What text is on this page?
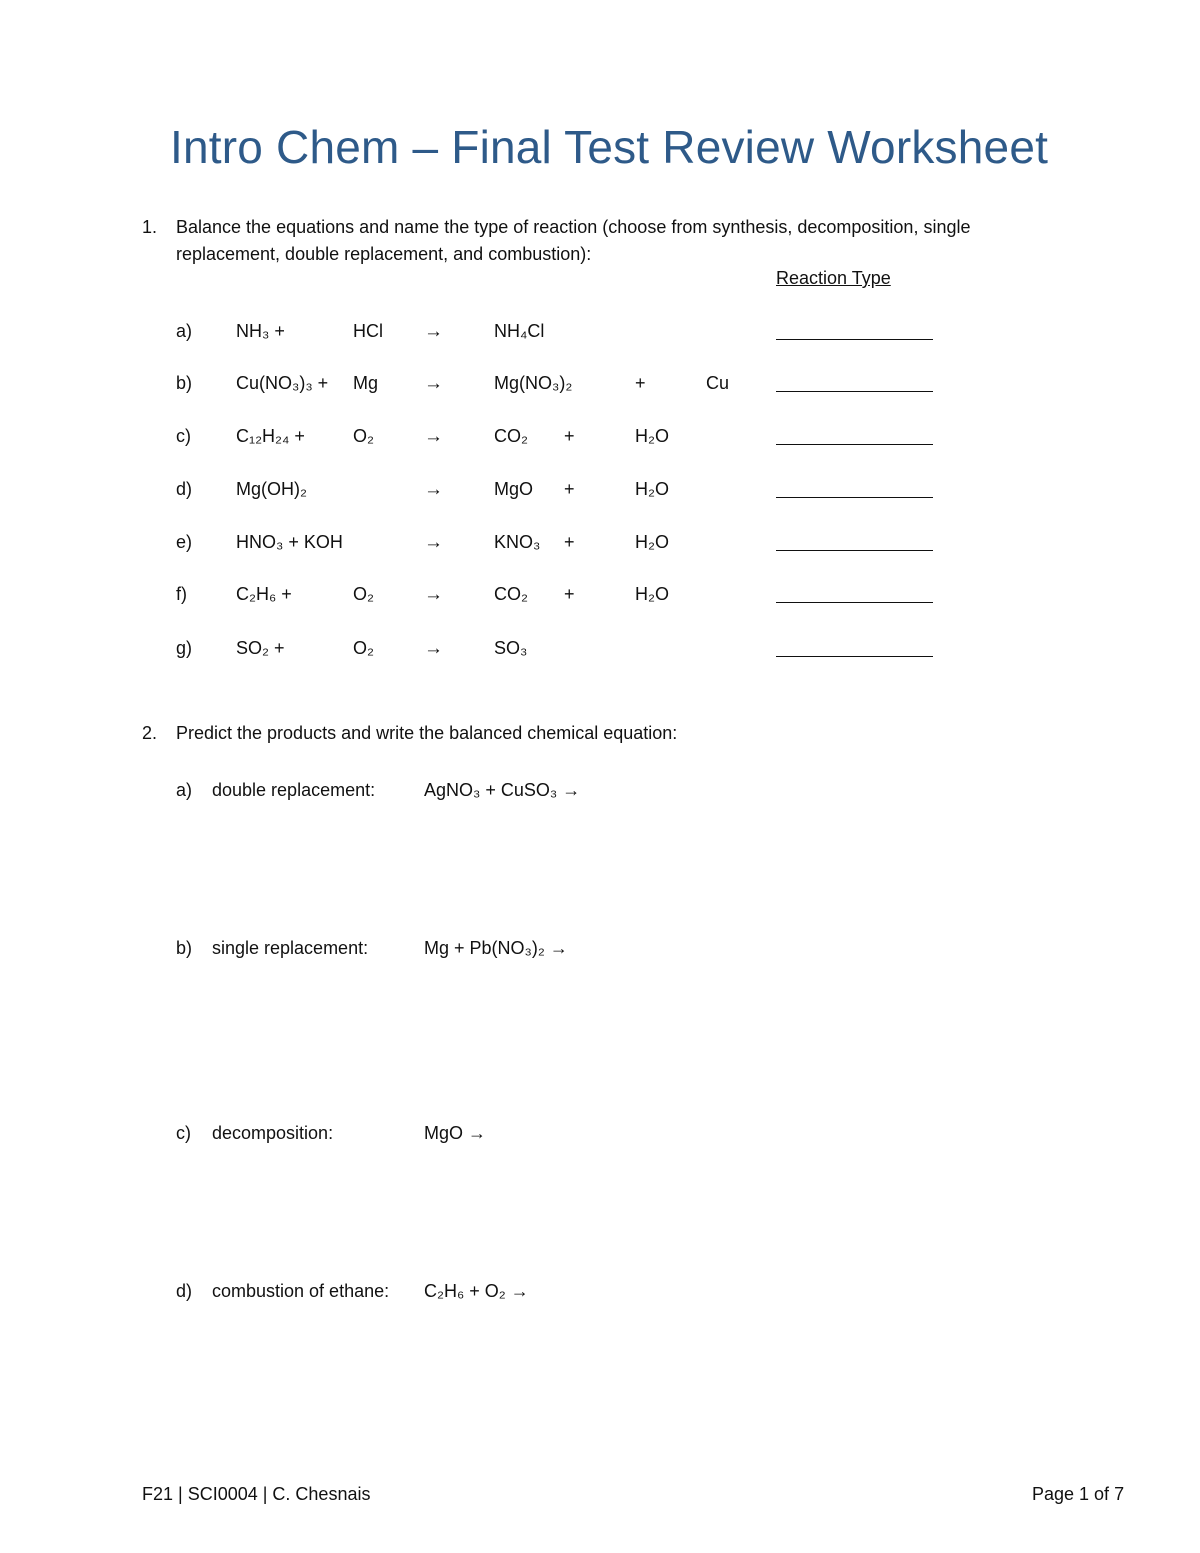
Intro Chem – Final Test Review Worksheet
1.	Balance the equations and name the type of reaction (choose from synthesis, decomposition, single replacement, double replacement, and combustion):
Reaction Type
a) NH₃ +	HCl →	NH₄Cl
b) Cu(NO₃)₃ + Mg →	Mg(NO₃)₂	+	Cu
c)	C₁₂H₂₄ +	O₂	→	CO₂ +	H₂O
d) Mg(OH)₂	→	MgO +	H₂O
e) HNO₃ + KOH	→	KNO₃ +	H₂O
f)	C₂H₆ +	O₂	→	CO₂ +	H₂O
g) SO₂ +	O₂	→	SO₃
2.	Predict the products and write the balanced chemical equation:
a) double replacement:	AgNO₃ + CuSO₃ →
b) single replacement:	Mg + Pb(NO₃)₂ →
c) decomposition:	MgO →
d) combustion of ethane: C₂H₆ + O₂ →
F21 | SCI0004 | C. Chesnais	Page 1 of 7
